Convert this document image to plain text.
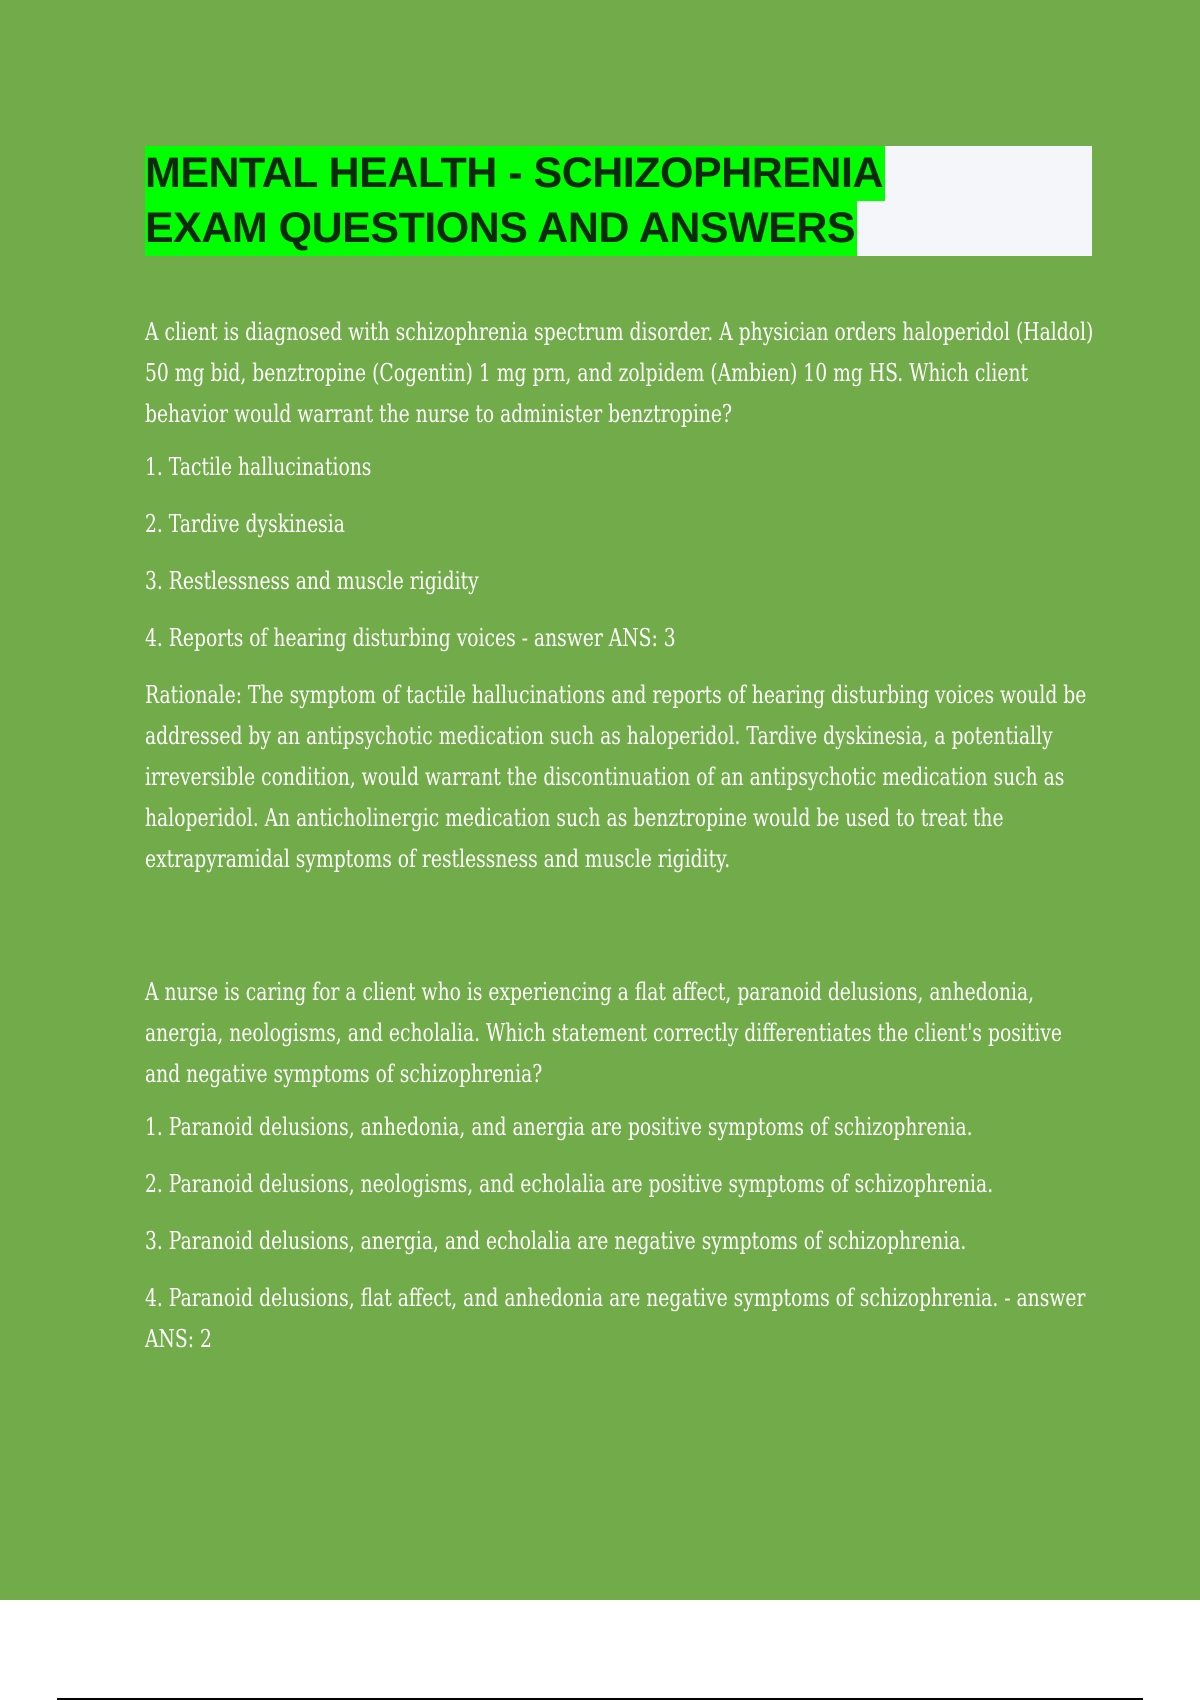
MENTAL HEALTH - SCHIZOPHRENIA
EXAM QUESTIONS AND ANSWERS

A client is diagnosed with schizophrenia spectrum disorder. A physician orders haloperidol (Haldol) 50 mg bid, benztropine (Cogentin) 1 mg prn, and zolpidem (Ambien) 10 mg HS. Which client behavior would warrant the nurse to administer benztropine?

1. Tactile hallucinations

2. Tardive dyskinesia

3. Restlessness and muscle rigidity

4. Reports of hearing disturbing voices - answer ANS: 3

Rationale: The symptom of tactile hallucinations and reports of hearing disturbing voices would be addressed by an antipsychotic medication such as haloperidol. Tardive dyskinesia, a potentially irreversible condition, would warrant the discontinuation of an antipsychotic medication such as haloperidol. An anticholinergic medication such as benztropine would be used to treat the extrapyramidal symptoms of restlessness and muscle rigidity.

A nurse is caring for a client who is experiencing a flat affect, paranoid delusions, anhedonia, anergia, neologisms, and echolalia. Which statement correctly differentiates the client's positive and negative symptoms of schizophrenia?

1. Paranoid delusions, anhedonia, and anergia are positive symptoms of schizophrenia.

2. Paranoid delusions, neologisms, and echolalia are positive symptoms of schizophrenia.

3. Paranoid delusions, anergia, and echolalia are negative symptoms of schizophrenia.

4. Paranoid delusions, flat affect, and anhedonia are negative symptoms of schizophrenia. - answer ANS: 2
